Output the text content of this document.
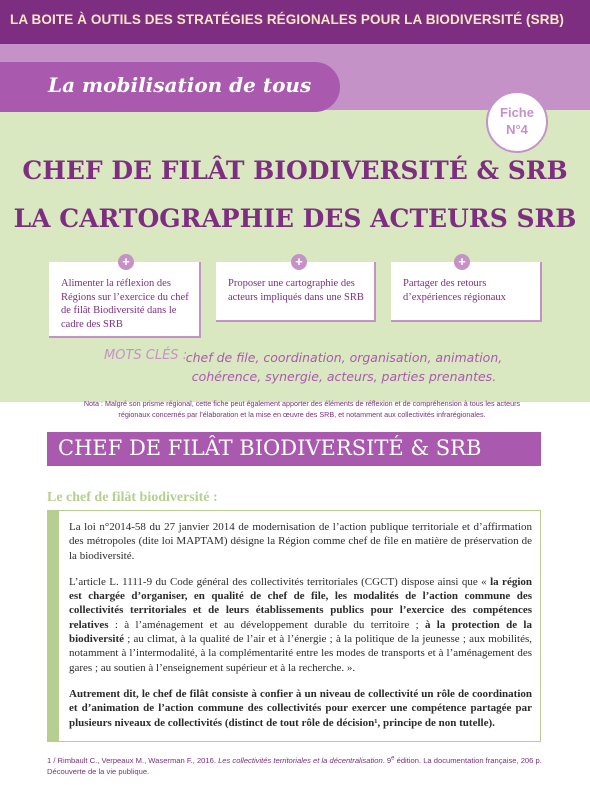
LA BOITE À OUTILS DES STRATÉGIES RÉGIONALES POUR LA BIODIVERSITÉ (SRB)
La mobilisation de tous
Fiche
N°4
CHEF DE FILÂT BIODIVERSITÉ & SRB
LA CARTOGRAPHIE DES ACTEURS SRB
Alimenter la réflexion des Régions sur l’exercice du chef de filât Biodiversité dans le cadre des SRB
+
Proposer une cartographie des acteurs impliqués dans une SRB
+
Partager des retours d’expériences régionaux
+
MOTS CLÉS :
chef de file, coordination, organisation, animation, cohérence, synergie, acteurs, parties prenantes.
Nota : Malgré son prisme régional, cette fiche peut également apporter des éléments de réflexion et de compréhension à tous les acteurs régionaux concernés par l’élaboration et la mise en œuvre des SRB, et notamment aux collectivités infrarégionales.
CHEF DE FILÂT BIODIVERSITÉ & SRB
Le chef de filât biodiversité :

La loi n°2014-58 du 27 janvier 2014 de modernisation de l’action publique territoriale et d’affirmation des métropoles (dite loi MAPTAM) désigne la Région comme chef de file en matière de préservation de la biodiversité.

L’article L. 1111-9 du Code général des collectivités territoriales (CGCT) dispose ainsi que « la région est chargée d’organiser, en qualité de chef de file, les modalités de l’action commune des collectivités territoriales et de leurs établissements publics pour l’exercice des compétences relatives : à l’aménagement et au développement durable du territoire ; à la protection de la biodiversité ; au climat, à la qualité de l’air et à l’énergie ; à la politique de la jeunesse ; aux mobilités, notamment à l’intermodalité, à la complémentarité entre les modes de transports et à l’aménagement des gares ; au soutien à l’enseignement supérieur et à la recherche. ».

Autrement dit, le chef de filât consiste à confier à un niveau de collectivité un rôle de coordination et d’animation de l’action commune des collectivités pour exercer une compétence partagée par plusieurs niveaux de collectivités (distinct de tout rôle de décision¹, principe de non tutelle).

1 / Rimbault C., Verpeaux M., Waserman F., 2016. Les collectivités territoriales et la décentralisation. 9e édition. La documentation française, 206 p. Découverte de la vie publique.
